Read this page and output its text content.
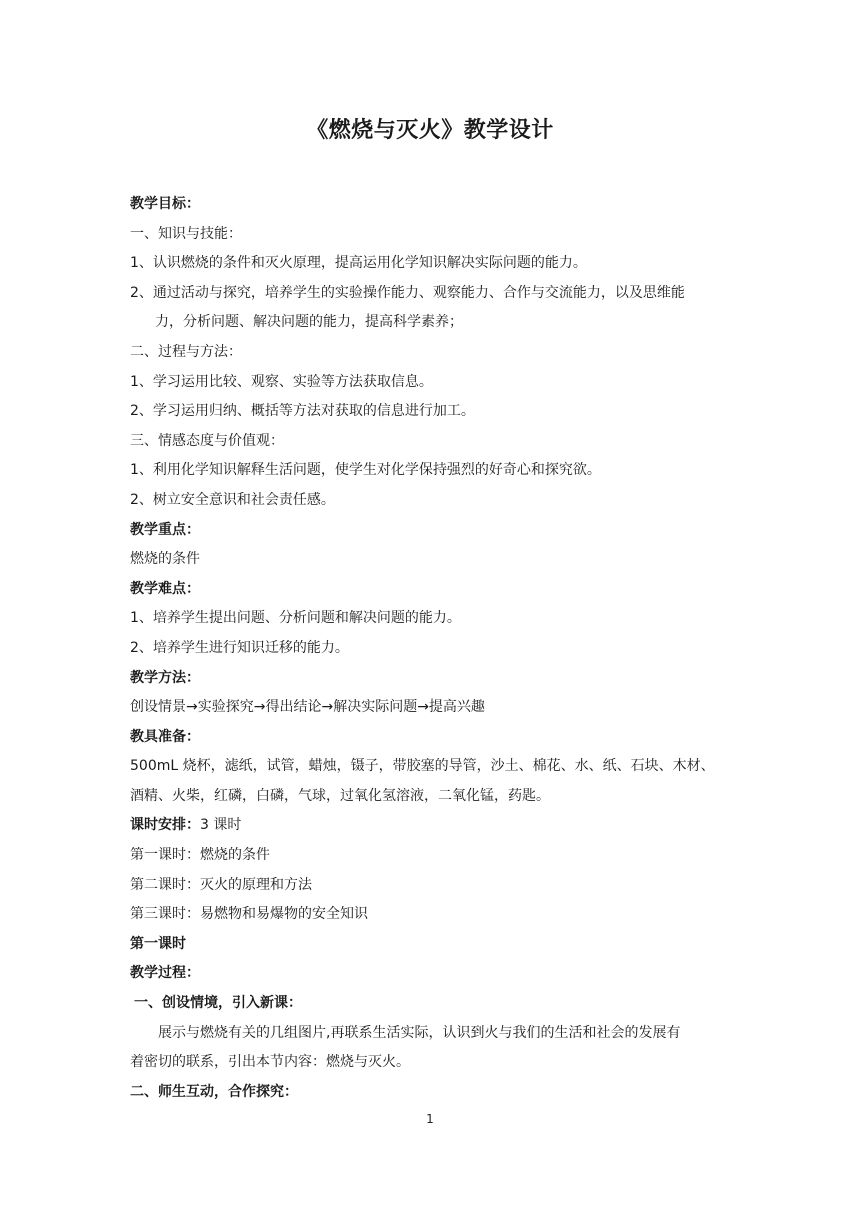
《燃烧与灭火》教学设计
教学目标：
一、知识与技能：
1、认识燃烧的条件和灭火原理，提高运用化学知识解决实际问题的能力。
2、通过活动与探究，培养学生的实验操作能力、观察能力、合作与交流能力，以及思维能
力，分析问题、解决问题的能力，提高科学素养；
二、过程与方法：
1、学习运用比较、观察、实验等方法获取信息。
2、学习运用归纳、概括等方法对获取的信息进行加工。
三、情感态度与价值观：
1、利用化学知识解释生活问题，使学生对化学保持强烈的好奇心和探究欲。
2、树立安全意识和社会责任感。
教学重点：
燃烧的条件
教学难点：
1、培养学生提出问题、分析问题和解决问题的能力。
2、培养学生进行知识迁移的能力。
教学方法：
创设情景→实验探究→得出结论→解决实际问题→提高兴趣
教具准备：
500mL 烧杯，滤纸，试管，蜡烛，镊子，带胶塞的导管，沙土、棉花、水、纸、石块、木材、
酒精、火柴，红磷，白磷，气球，过氧化氢溶液，二氧化锰，药匙。
课时安排：3 课时
第一课时：燃烧的条件
第二课时：灭火的原理和方法
第三课时：易燃物和易爆物的安全知识
第一课时
教学过程：
一、创设情境，引入新课：
展示与燃烧有关的几组图片,再联系生活实际，认识到火与我们的生活和社会的发展有
着密切的联系，引出本节内容：燃烧与灭火。
二、师生互动，合作探究：
1
